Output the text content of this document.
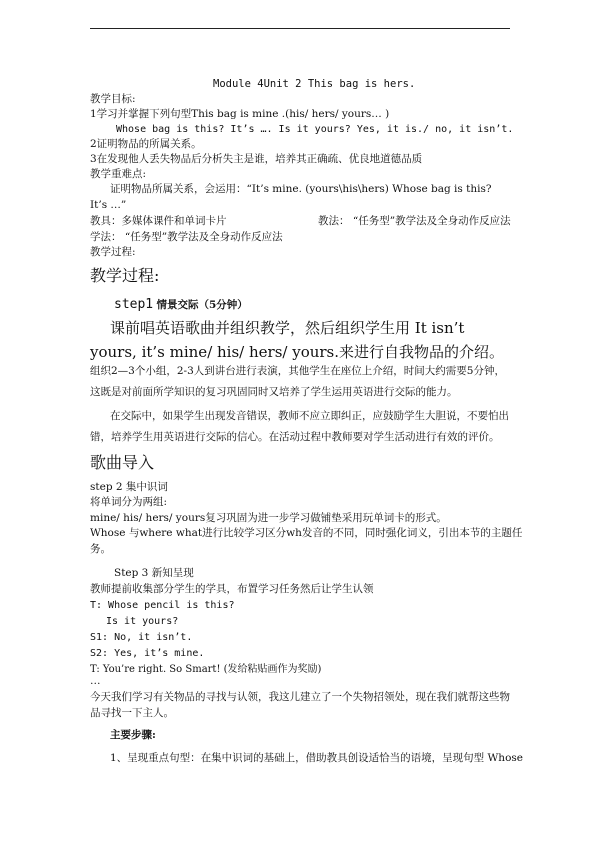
Module 4Unit 2 This bag is hers.
教学目标:
1学习并掌握下列句型This bag is mine .(his/ hers/ yours… )
Whose bag is this? It’s …. Is it yours? Yes, it is./ no, it isn’t.
2证明物品的所属关系。
3在发现他人丢失物品后分析失主是谁，培养其正确疏、优良地道德品质
教学重难点:
证明物品所属关系，会运用：“It’s mine. (yours\his\hers) Whose bag is this?
It’s …”
教具：多媒体课件和单词卡片	教法： “任务型”教学法及全身动作反应法
学法： “任务型”教学法及全身动作反应法
教学过程:
教学过程:
step1 情景交际（5分钟）
课前唱英语歌曲并组织教学，然后组织学生用 It isn’t
yours, it’s mine/ his/ hers/ yours.来进行自我物品的介绍。
组织2—3个小组，2-3人到讲台进行表演，其他学生在座位上介绍，时间大约需要5分钟，
这既是对前面所学知识的复习巩固同时又培养了学生运用英语进行交际的能力。
在交际中，如果学生出现发音错误，教师不应立即纠正，应鼓励学生大胆说，不要怕出
错，培养学生用英语进行交际的信心。在活动过程中教师要对学生活动进行有效的评价。
歌曲导入
step 2 集中识词
将单词分为两组:
mine/ his/ hers/ yours复习巩固为进一步学习做铺垫采用玩单词卡的形式。
Whose 与where what进行比较学习区分wh发音的不同，同时强化词义，引出本节的主题任
务。
Step 3 新知呈现
教师提前收集部分学生的学具，布置学习任务然后让学生认领
T: Whose pencil is this?
Is it yours?
S1: No, it isn’t.
S2: Yes, it’s mine.
T: You’re right. So Smart! (发给粘贴画作为奖励)
…
今天我们学习有关物品的寻找与认领，我这儿建立了一个失物招领处，现在我们就帮这些物
品寻找一下主人。
主要步骤:
1、呈现重点句型：在集中识词的基础上，借助教具创设适恰当的语境，呈现句型 Whose
